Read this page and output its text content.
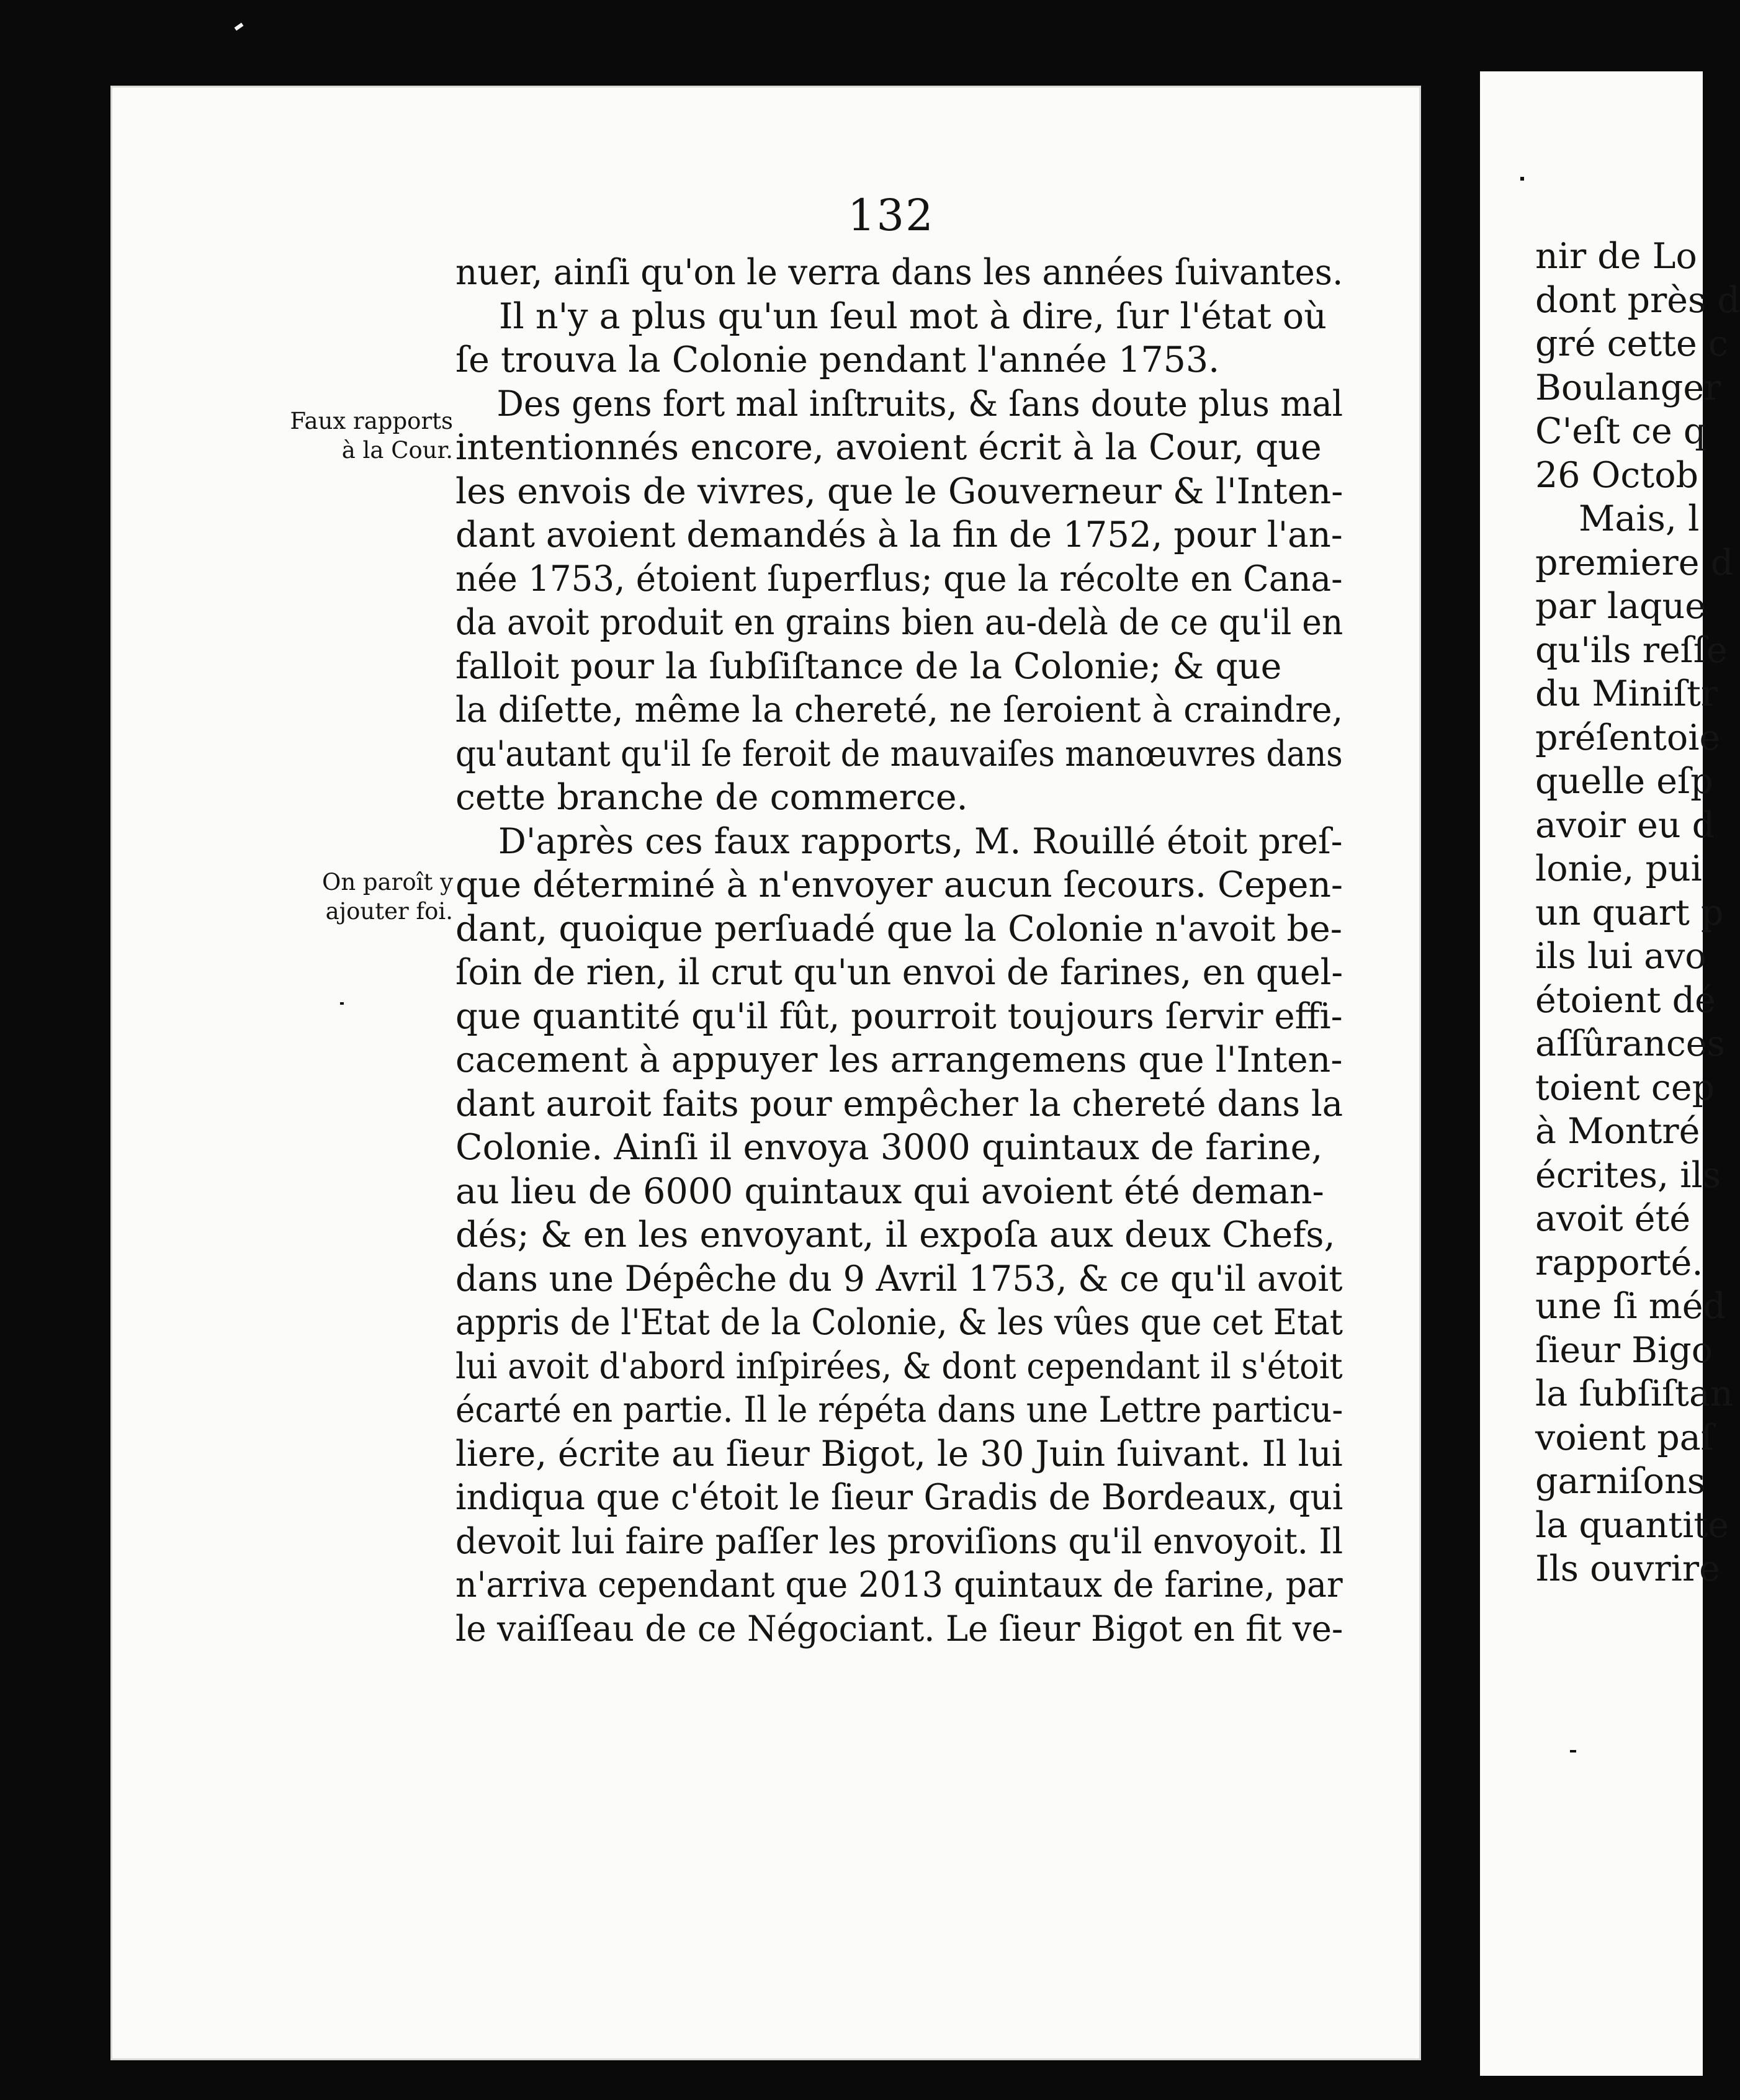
132
nuer, ainſi qu'on le verra dans les années ſuivantes.
Il n'y a plus qu'un ſeul mot à dire, ſur l'état où
ſe trouva la Colonie pendant l'année 1753.
Des gens fort mal inſtruits, & ſans doute plus mal
intentionnés encore, avoient écrit à la Cour, que
les envois de vivres, que le Gouverneur & l'Inten-
dant avoient demandés à la fin de 1752, pour l'an-
née 1753, étoient ſuperflus; que la récolte en Cana-
da avoit produit en grains bien au-delà de ce qu'il en
falloit pour la ſubſiſtance de la Colonie; & que
la diſette, même la chereté, ne ſeroient à craindre,
qu'autant qu'il ſe feroit de mauvaiſes manœuvres dans
cette branche de commerce.
D'après ces faux rapports, M. Rouillé étoit preſ-
que déterminé à n'envoyer aucun ſecours. Cepen-
dant, quoique perſuadé que la Colonie n'avoit be-
ſoin de rien, il crut qu'un envoi de farines, en quel-
que quantité qu'il fût, pourroit toujours ſervir effi-
cacement à appuyer les arrangemens que l'Inten-
dant auroit faits pour empêcher la chereté dans la
Colonie. Ainſi il envoya 3000 quintaux de farine,
au lieu de 6000 quintaux qui avoient été deman-
dés; & en les envoyant, il expoſa aux deux Chefs,
dans une Dépêche du 9 Avril 1753, & ce qu'il avoit
appris de l'Etat de la Colonie, & les vûes que cet Etat
lui avoit d'abord inſpirées, & dont cependant il s'étoit
écarté en partie. Il le répéta dans une Lettre particu-
liere, écrite au ſieur Bigot, le 30 Juin ſuivant. Il lui
indiqua que c'étoit le ſieur Gradis de Bordeaux, qui
devoit lui faire paſſer les proviſions qu'il envoyoit. Il
n'arriva cependant que 2013 quintaux de farine, par
le vaiſſeau de ce Négociant. Le ſieur Bigot en fit ve-
Faux rapports
à la Cour.
On paroît y
ajouter foi.
nir de Lo
dont près d
gré cette c
Boulanger
C'eſt ce q
26 Octob
Mais, l
premiere d
par laque
qu'ils reſſe
du Miniſtr
préſentoie
quelle eſp
avoir eu d
lonie, pui
un quart p
ils lui avo
étoient dé
aſſûrances
toient cep
à Montré
écrites, ils
avoit été
rapporté.
une ſi méd
ſieur Bigo
la ſubſiſtan
voient paſ
garniſons
la quantite
Ils ouvrire
